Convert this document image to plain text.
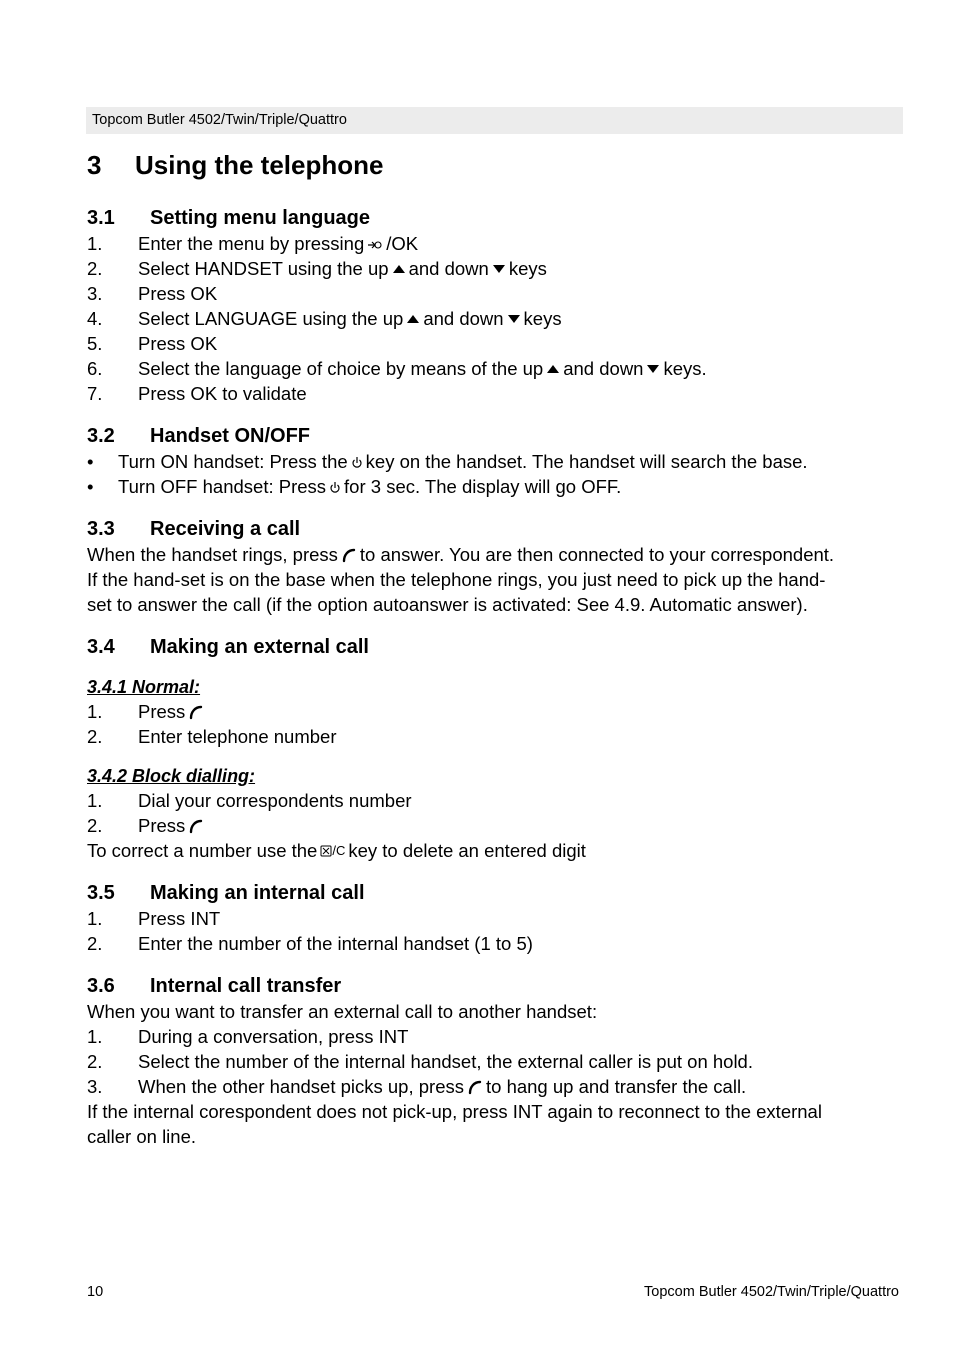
Topcom Butler 4502/Twin/Triple/Quattro
3	Using the telephone
3.1	Setting menu language
1.	Enter the menu by pressing /OK
2.	Select HANDSET using the up and down keys
3.	Press OK
4.	Select LANGUAGE using the up and down keys
5.	Press OK
6.	Select the language of choice by means of the up and down keys.
7.	Press OK to validate
3.2	Handset ON/OFF
•	Turn ON handset: Press the key on the handset. The handset will search the base.
•	Turn OFF handset: Press for 3 sec. The display will go OFF.
3.3	Receiving a call
When the handset rings, press to answer. You are then connected to your correspondent.

If the hand-set is on the base when the telephone rings, you just need to pick up the hand-

set to answer the call (if the option autoanswer is activated: See 4.9. Automatic answer).

3.4	Making an external call
3.4.1 Normal:
1.	Press
2.	Enter telephone number
3.4.2 Block dialling:
1.	Dial your correspondents number
2.	Press
To correct a number use the /C key to delete an entered digit
3.5	Making an internal call
1.	Press INT
2.	Enter the number of the internal handset (1 to 5)
3.6	Internal call transfer

When you want to transfer an external call to another handset:

1.	During a conversation, press INT
2.	Select the number of the internal handset, the external caller is put on hold.
3.	When the other handset picks up, press to hang up and transfer the call.

If the internal corespondent does not pick-up, press INT again to reconnect to the external

caller on line.

10	Topcom Butler 4502/Twin/Triple/Quattro
